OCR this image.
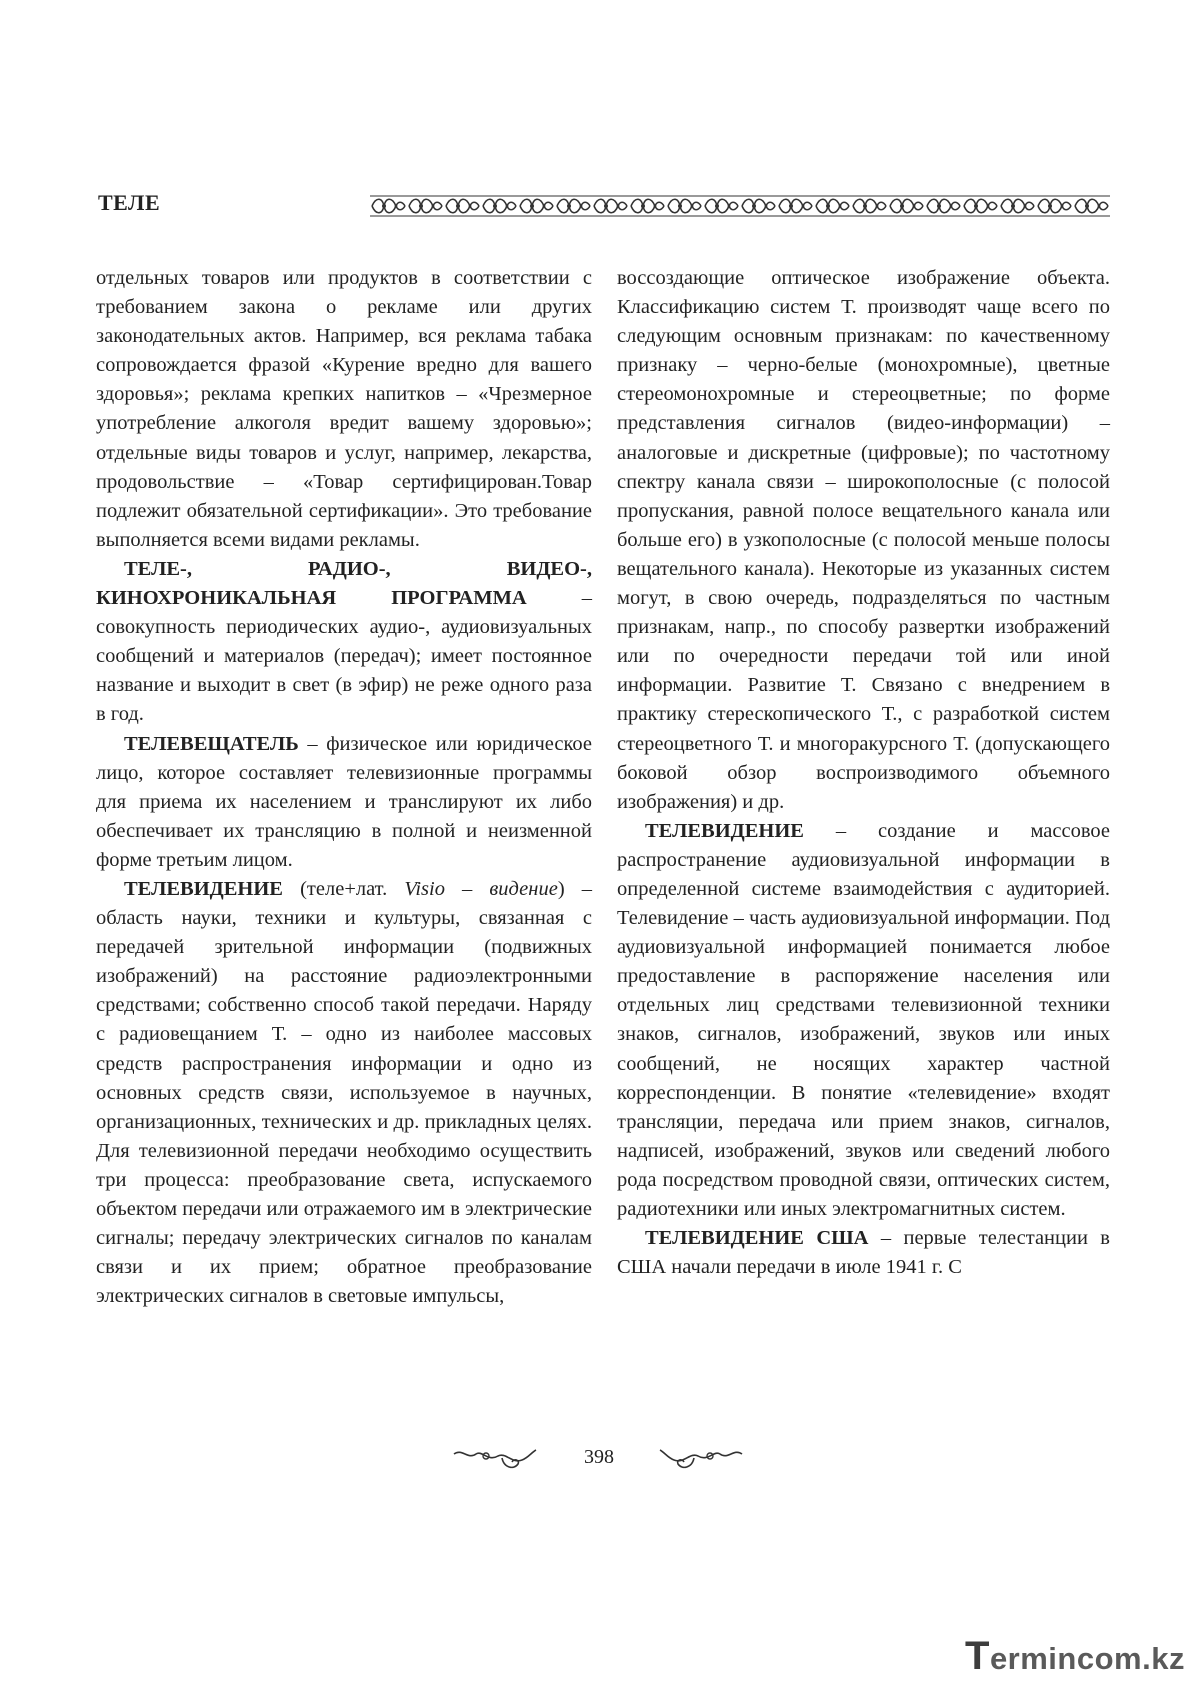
ТЕЛЕ

отдельных товаров или продуктов в соответствии с требованием закона о рекламе или других законодательных актов. Например, вся реклама табака сопровождается фразой «Курение вредно для вашего здоровья»; реклама крепких напитков – «Чрезмерное употребление алкоголя вредит вашему здоровью»; отдельные виды товаров и услуг, например, лекарства, продовольствие – «Товар сертифицирован.Товар подлежит обязательной сертификации». Это требование выполняется всеми видами рекламы.

ТЕЛЕ-, РАДИО-, ВИДЕО-, КИНОХРОНИКАЛЬНАЯ ПРОГРАММА – совокупность периодических аудио-, аудиовизуальных сообщений и материалов (передач); имеет постоянное название и выходит в свет (в эфир) не реже одного раза в год.

ТЕЛЕВЕЩАТЕЛЬ – физическое или юридическое лицо, которое составляет телевизионные программы для приема их населением и транслируют их либо обеспечивает их трансляцию в полной и неизменной форме третьим лицом.

ТЕЛЕВИДЕНИЕ (теле+лат. Visio – видение) – область науки, техники и культуры, связанная с передачей зрительной информации (подвижных изображений) на расстояние радиоэлектронными средствами; собственно способ такой передачи. Наряду с радиовещанием Т. – одно из наиболее массовых средств распространения информации и одно из основных средств связи, используемое в научных, организационных, технических и др. прикладных целях. Для телевизионной передачи необходимо осуществить три процесса: преобразование света, испускаемого объектом передачи или отражаемого им в электрические сигналы; передачу электрических сигналов по каналам связи и их прием; обратное преобразование электрических сигналов в световые импульсы,

воссоздающие оптическое изображение объекта. Классификацию систем Т. производят чаще всего по следующим основным признакам: по качественному признаку – черно-белые (монохромные), цветные стереомонохромные и стереоцветные; по форме представления сигналов (видео-информации) – аналоговые и дискретные (цифровые); по частотному спектру канала связи – широкополосные (с полосой пропускания, равной полосе вещательного канала или больше его) в узкополосные (с полосой меньше полосы вещательного канала). Некоторые из указанных систем могут, в свою очередь, подразделяться по частным признакам, напр., по способу развертки изображений или по очередности передачи той или иной информации. Развитие Т. Связано с внедрением в практику стерескопического Т., с разработкой систем стереоцветного Т. и многоракурсного Т. (допускающего боковой обзор воспроизводимого объемного изображения) и др.

ТЕЛЕВИДЕНИЕ – создание и массовое распространение аудиовизуальной информации в определенной системе взаимодействия с аудиторией. Телевидение – часть аудиовизуальной информации. Под аудиовизуальной информацией понимается любое предоставление в распоряжение населения или отдельных лиц средствами телевизионной техники знаков, сигналов, изображений, звуков или иных сообщений, не носящих характер частной корреспонденции. В понятие «телевидение» входят трансляции, передача или прием знаков, сигналов, надписей, изображений, звуков или сведений любого рода посредством проводной связи, оптических систем, радиотехники или иных электромагнитных систем.

ТЕЛЕВИДЕНИЕ США – первые телестанции в США начали передачи в июле 1941 г. С

398
Termincom.kz
